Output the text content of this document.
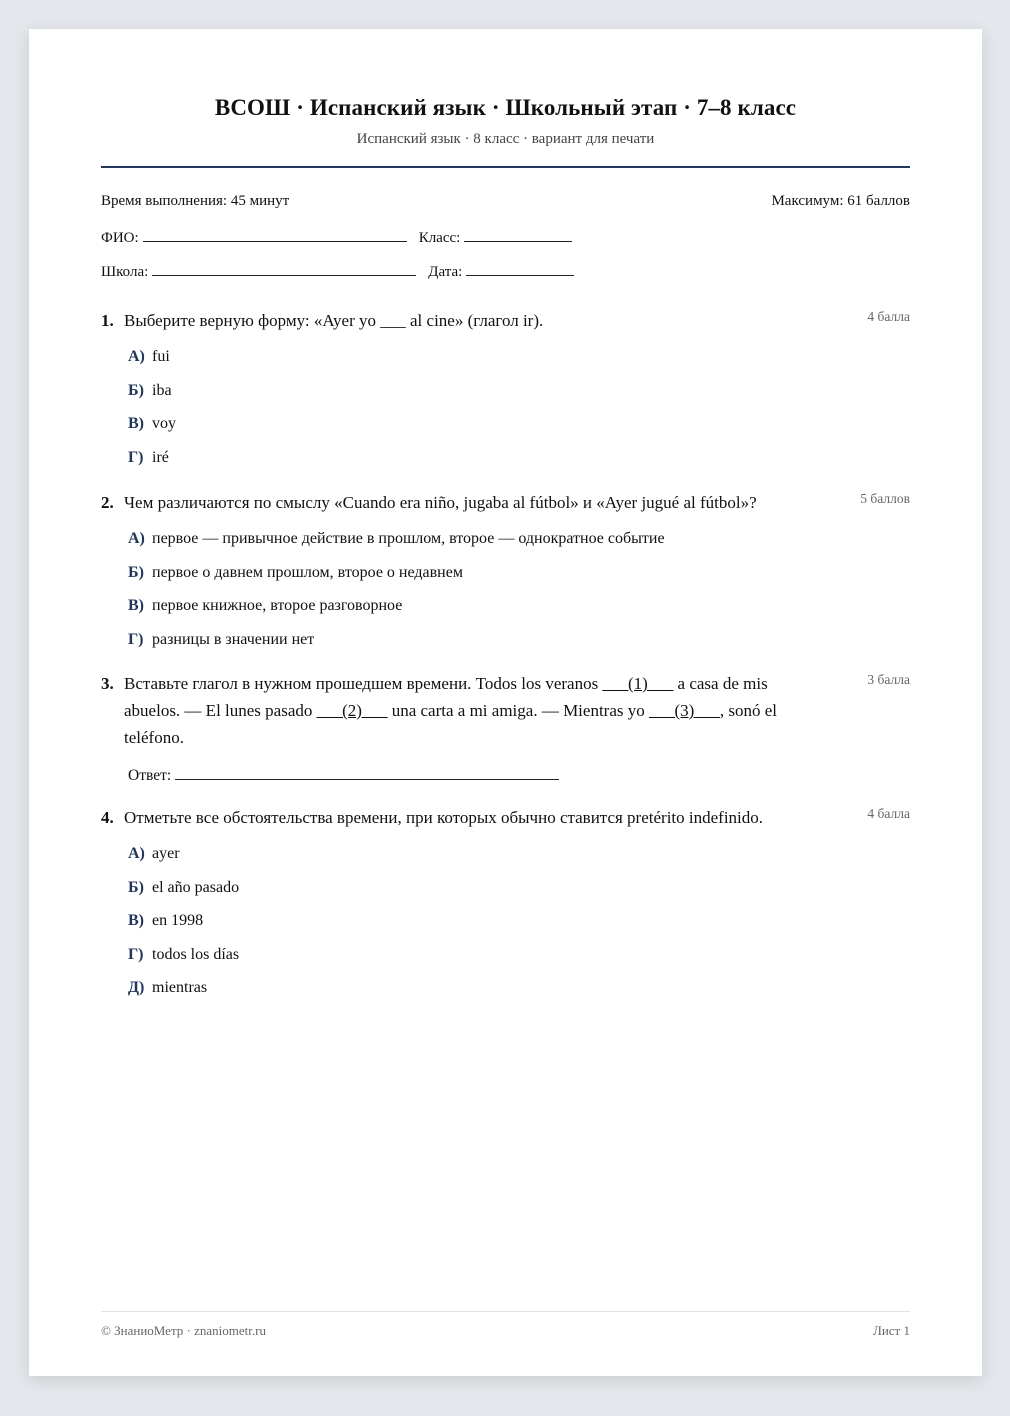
ВСОШ · Испанский язык · Школьный этап · 7–8 класс
Испанский язык · 8 класс · вариант для печати
Время выполнения: 45 минут	Максимум: 61 баллов
ФИО:	Класс:
Школа:	Дата:
1. Выберите верную форму: «Ayer yo ___ al cine» (глагол ir).	4 балла
А) fui
Б) iba
В) voy
Г) iré
2. Чем различаются по смыслу «Cuando era niño, jugaba al fútbol» и «Ayer jugué al fútbol»?	5 баллов
А) первое — привычное действие в прошлом, второе — однократное событие
Б) первое о давнем прошлом, второе о недавнем
В) первое книжное, второе разговорное
Г) разницы в значении нет
3. Вставьте глагол в нужном прошедшем времени. Todos los veranos ___(1)___ a casa de mis abuelos. — El lunes pasado ___(2)___ una carta a mi amiga. — Mientras yo ___(3)___, sonó el teléfono.
3 балла
Ответ:
4. Отметьте все обстоятельства времени, при которых обычно ставится pretérito indefinido.	4 балла
А) ayer
Б) el año pasado
В) en 1998
Г) todos los días
Д) mientras
© ЗнаниоМетр · znaniometr.ru	Лист 1
